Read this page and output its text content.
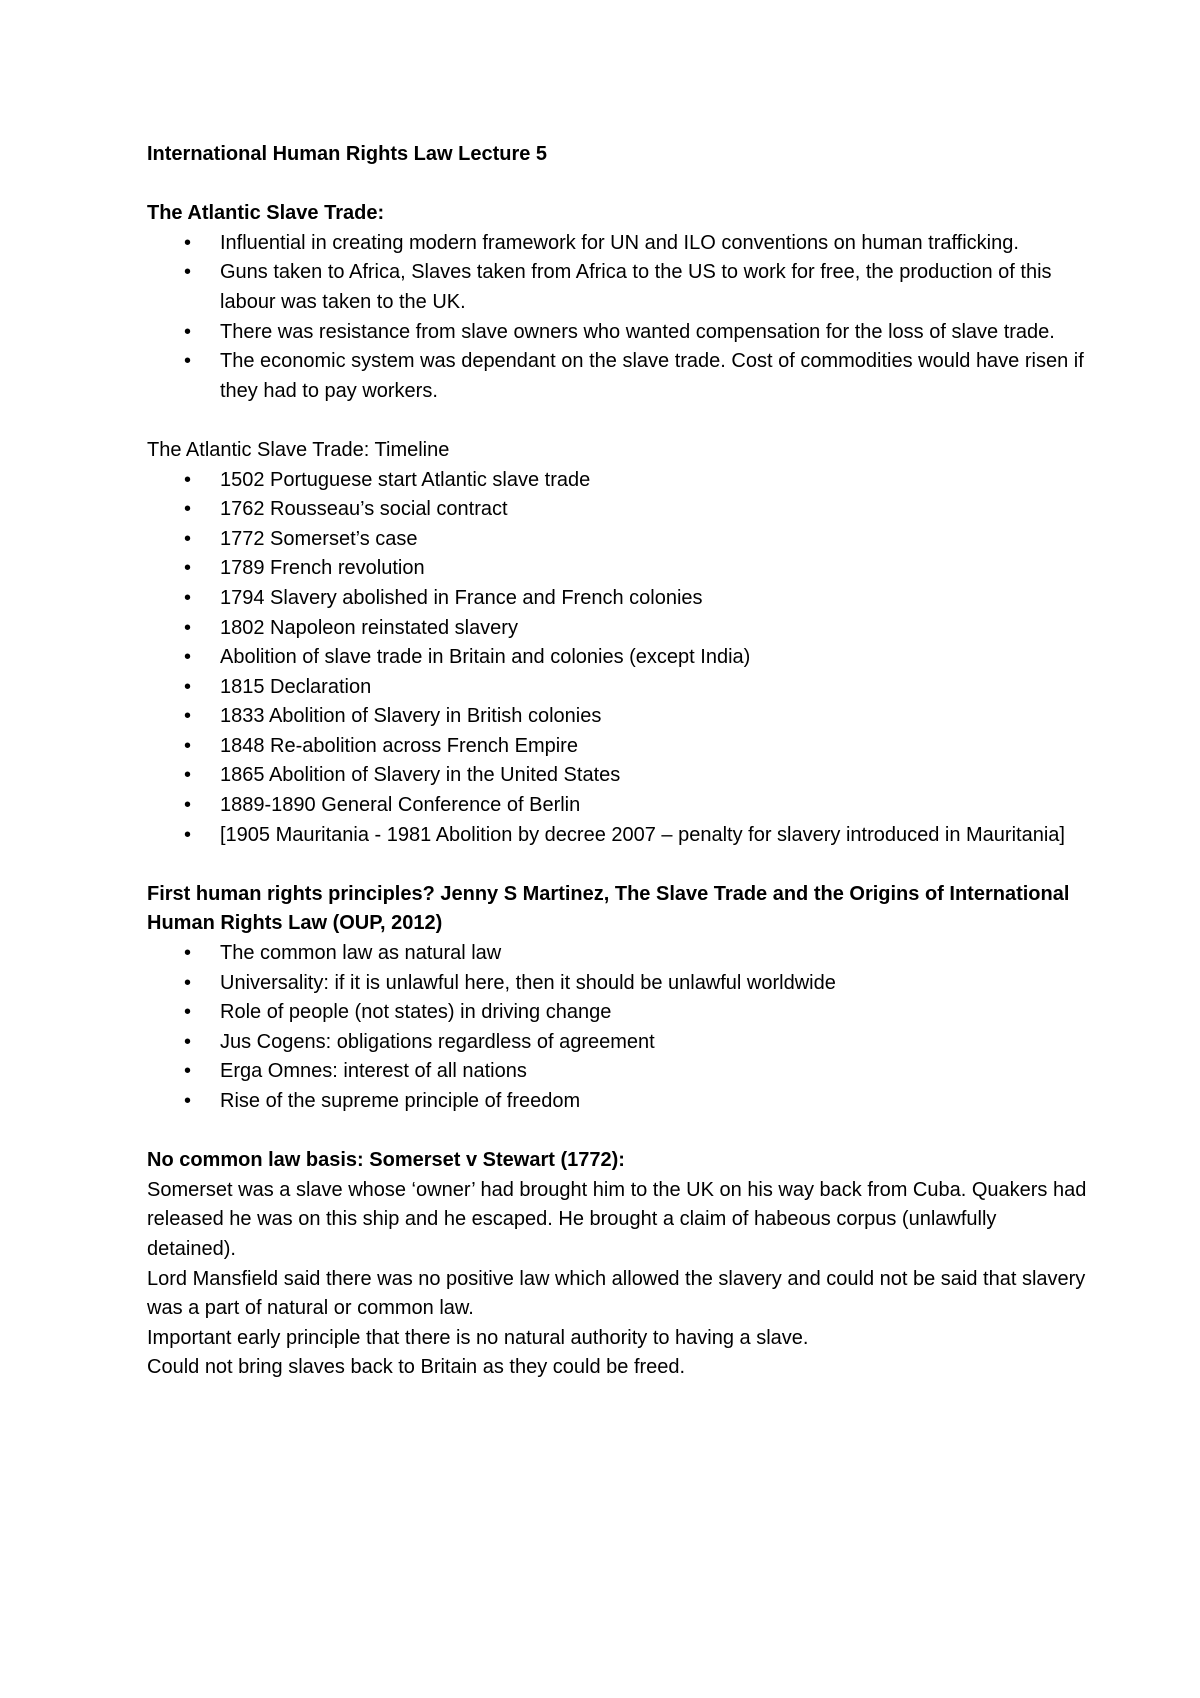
International Human Rights Law Lecture 5

The Atlantic Slave Trade:

• Influential in creating modern framework for UN and ILO conventions on human trafficking.
• Guns taken to Africa, Slaves taken from Africa to the US to work for free, the production of this labour was taken to the UK.
• There was resistance from slave owners who wanted compensation for the loss of slave trade.
• The economic system was dependant on the slave trade. Cost of commodities would have risen if they had to pay workers.

The Atlantic Slave Trade: Timeline

• 1502 Portuguese start Atlantic slave trade
• 1762 Rousseau’s social contract
• 1772 Somerset’s case
• 1789 French revolution
• 1794 Slavery abolished in France and French colonies
• 1802 Napoleon reinstated slavery
• Abolition of slave trade in Britain and colonies (except India)
• 1815 Declaration
• 1833 Abolition of Slavery in British colonies
• 1848 Re-abolition across French Empire
• 1865 Abolition of Slavery in the United States
• 1889-1890 General Conference of Berlin
• [1905 Mauritania - 1981 Abolition by decree 2007 – penalty for slavery introduced in Mauritania]

First human rights principles? Jenny S Martinez, The Slave Trade and the Origins of International Human Rights Law (OUP, 2012)

• The common law as natural law
• Universality: if it is unlawful here, then it should be unlawful worldwide
• Role of people (not states) in driving change
• Jus Cogens: obligations regardless of agreement
• Erga Omnes: interest of all nations
• Rise of the supreme principle of freedom

No common law basis: Somerset v Stewart (1772):

Somerset was a slave whose ‘owner’ had brought him to the UK on his way back from Cuba. Quakers had released he was on this ship and he escaped. He brought a claim of habeous corpus (unlawfully detained).

Lord Mansfield said there was no positive law which allowed the slavery and could not be said that slavery was a part of natural or common law.

Important early principle that there is no natural authority to having a slave.

Could not bring slaves back to Britain as they could be freed.
